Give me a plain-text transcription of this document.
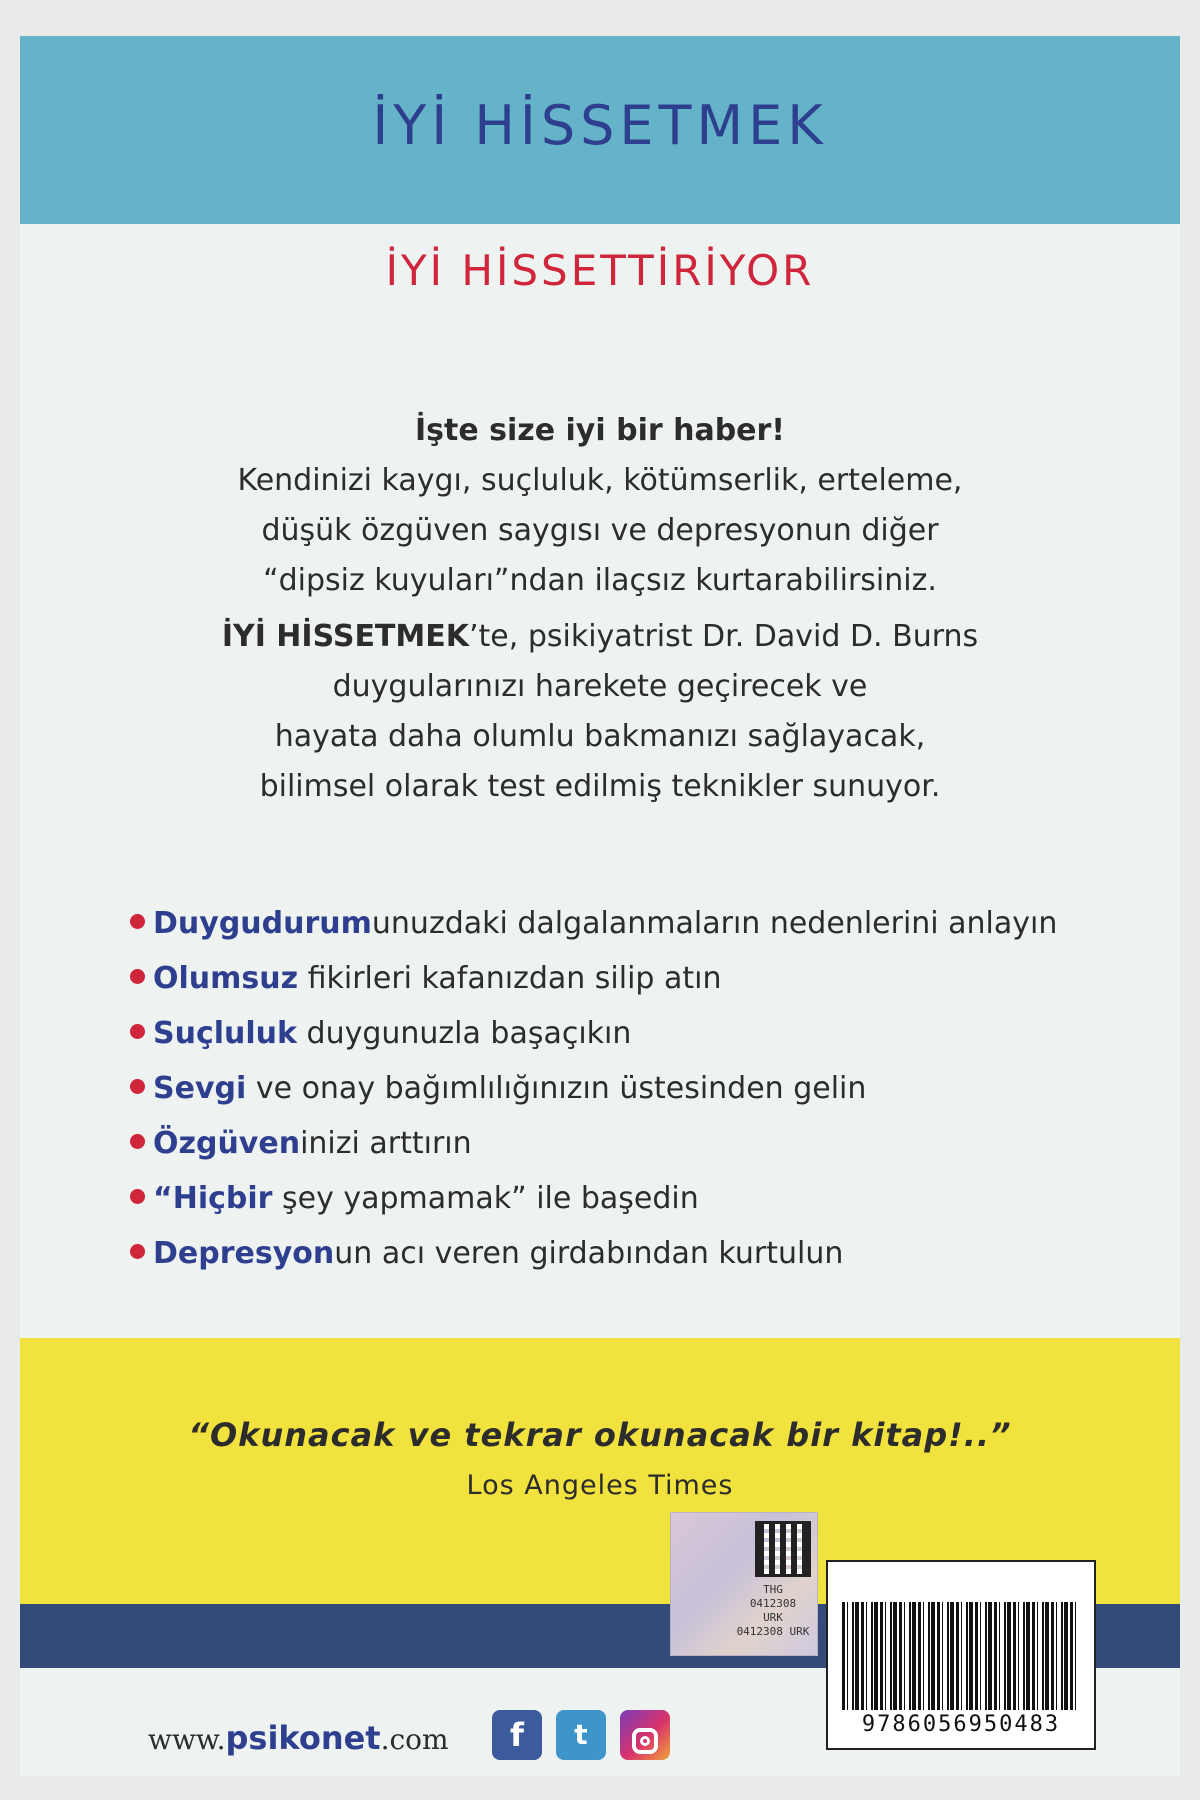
İYİ HİSSETMEK
İYİ HİSSETTİRİYOR
İşte size iyi bir haber!
Kendinizi kaygı, suçluluk, kötümserlik, erteleme,
düşük özgüven saygısı ve depresyonun diğer
“dipsiz kuyuları”ndan ilaçsız kurtarabilirsiniz.
İYİ HİSSETMEK’te, psikiyatrist Dr. David D. Burns
duygularınızı harekete geçirecek ve
hayata daha olumlu bakmanızı sağlayacak,
bilimsel olarak test edilmiş teknikler sunuyor.
Duygudurumunuzdaki dalgalanmaların nedenlerini anlayın
Olumsuz fikirleri kafanızdan silip atın
Suçluluk duygunuzla başaçıkın
Sevgi ve onay bağımlılığınızın üstesinden gelin
Özgüveninizi arttırın
“Hiçbir şey yapmamak” ile başedin
Depresyonun acı veren girdabından kurtulun
“Okunacak ve tekrar okunacak bir kitap!..”
Los Angeles Times
9786056950483
THG
0412308
URK
0412308 URK
www.psikonet.com	f	t
